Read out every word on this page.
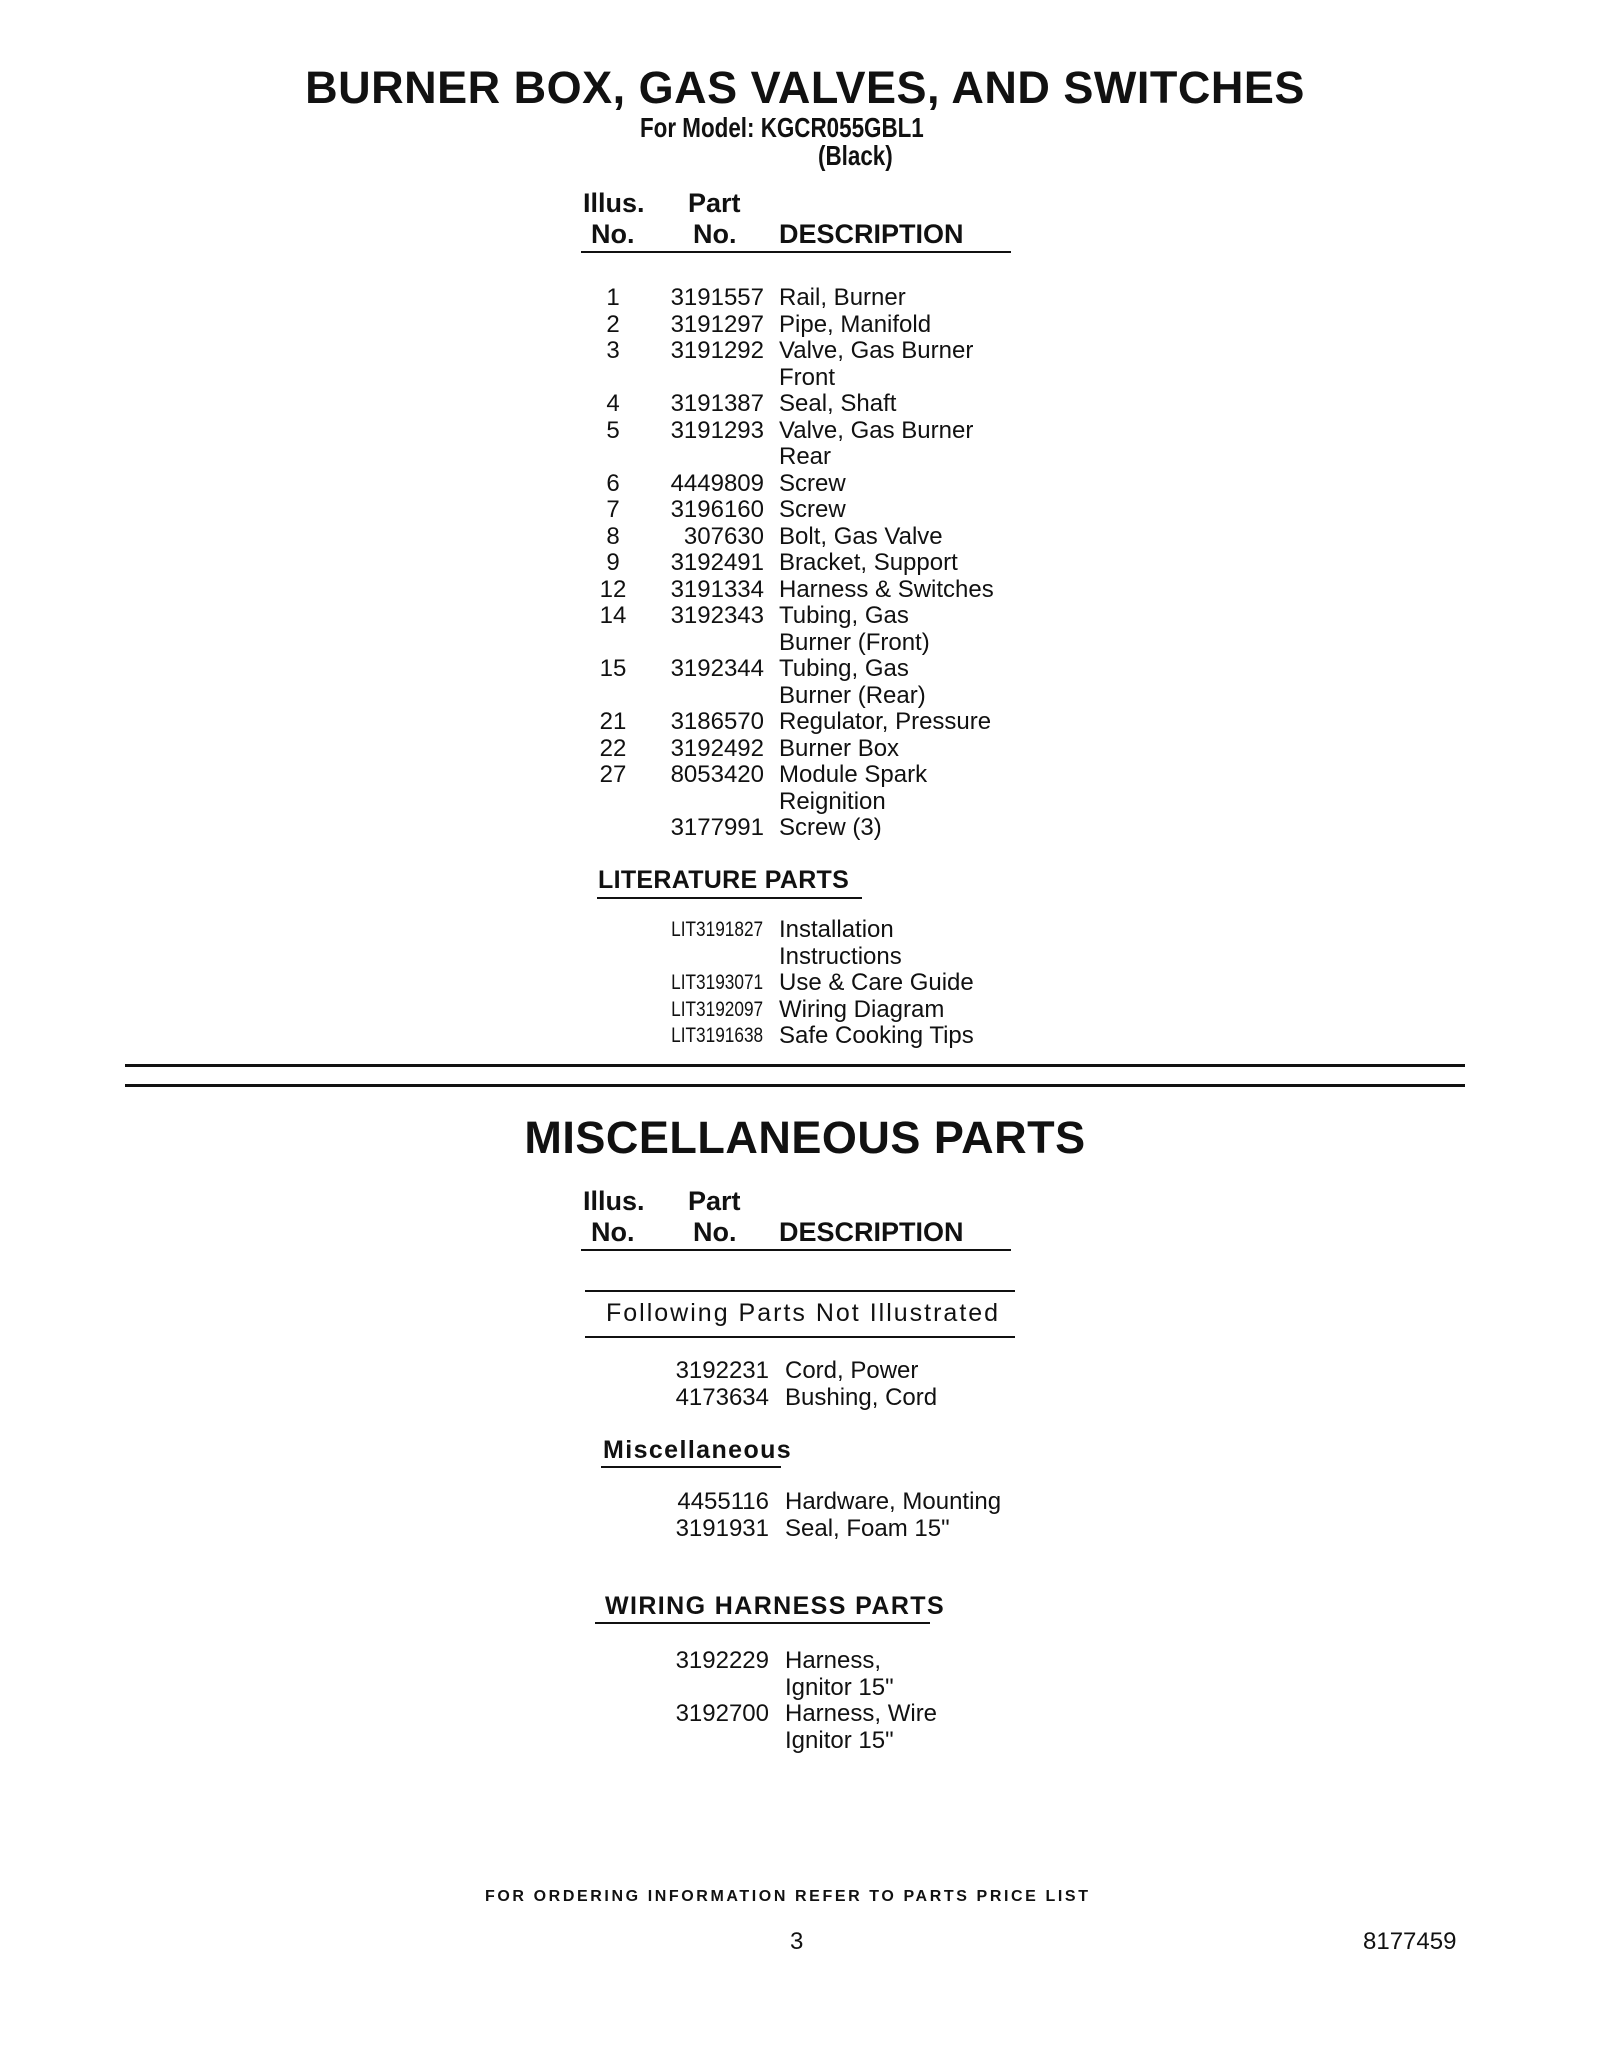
BURNER BOX, GAS VALVES, AND SWITCHES
For Model: KGCR055GBL1
(Black)
Illus.
No.
Part
No. DESCRIPTION
1	3191557 Rail, Burner
2	3191297 Pipe, Manifold
3	3191292 Valve, Gas Burner
Front
4	3191387 Seal, Shaft
5	3191293 Valve, Gas Burner
Rear
6	4449809 Screw
7	3196160 Screw
8	307630 Bolt, Gas Valve
9	3192491 Bracket, Support
12 3191334 Harness & Switches
14 3192343 Tubing, Gas
Burner (Front)
15 3192344 Tubing, Gas
Burner (Rear)
21 3186570 Regulator, Pressure
22 3192492 Burner Box
27 8053420 Module Spark
Reignition
3177991 Screw (3)
LITERATURE PARTS
LIT3191827 Installation
Instructions
LIT3193071 Use & Care Guide
LIT3192097 Wiring Diagram
LIT3191638 Safe Cooking Tips
MISCELLANEOUS PARTS
Illus.
No.
Part
No. DESCRIPTION
Following Parts Not Illustrated
3192231 Cord, Power
4173634 Bushing, Cord
Miscellaneous
4455116 Hardware, Mounting
3191931 Seal, Foam 15"
WIRING HARNESS PARTS
3192229 Harness,
Ignitor 15"
3192700 Harness, Wire
Ignitor 15"
FOR ORDERING INFORMATION REFER TO PARTS PRICE LIST
3	8177459
